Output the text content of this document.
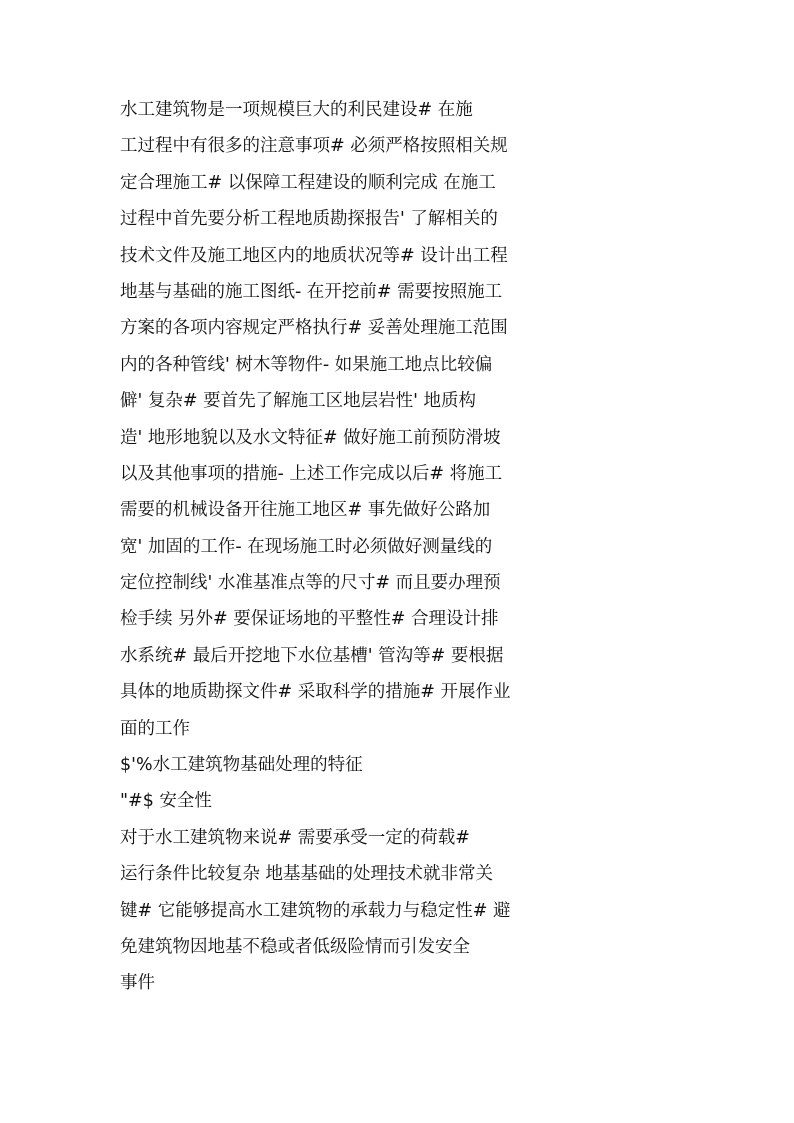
水工建筑物是一项规模巨大的利民建设# 在施
工过程中有很多的注意事项# 必须严格按照相关规
定合理施工# 以保障工程建设的顺利完成 在施工
过程中首先要分析工程地质勘探报告' 了解相关的
技术文件及施工地区内的地质状况等# 设计出工程
地基与基础的施工图纸- 在开挖前# 需要按照施工
方案的各项内容规定严格执行# 妥善处理施工范围
内的各种管线' 树木等物件- 如果施工地点比较偏
僻' 复杂# 要首先了解施工区地层岩性' 地质构
造' 地形地貌以及水文特征# 做好施工前预防滑坡
以及其他事项的措施- 上述工作完成以后# 将施工
需要的机械设备开往施工地区# 事先做好公路加
宽' 加固的工作- 在现场施工时必须做好测量线的
定位控制线' 水准基准点等的尺寸# 而且要办理预
检手续 另外# 要保证场地的平整性# 合理设计排
水系统# 最后开挖地下水位基槽' 管沟等# 要根据
具体的地质勘探文件# 采取科学的措施# 开展作业
面的工作
$'%水工建筑物基础处理的特征
"#$ 安全性
对于水工建筑物来说# 需要承受一定的荷载#
运行条件比较复杂 地基基础的处理技术就非常关
键# 它能够提高水工建筑物的承载力与稳定性# 避
免建筑物因地基不稳或者低级险情而引发安全
事件
